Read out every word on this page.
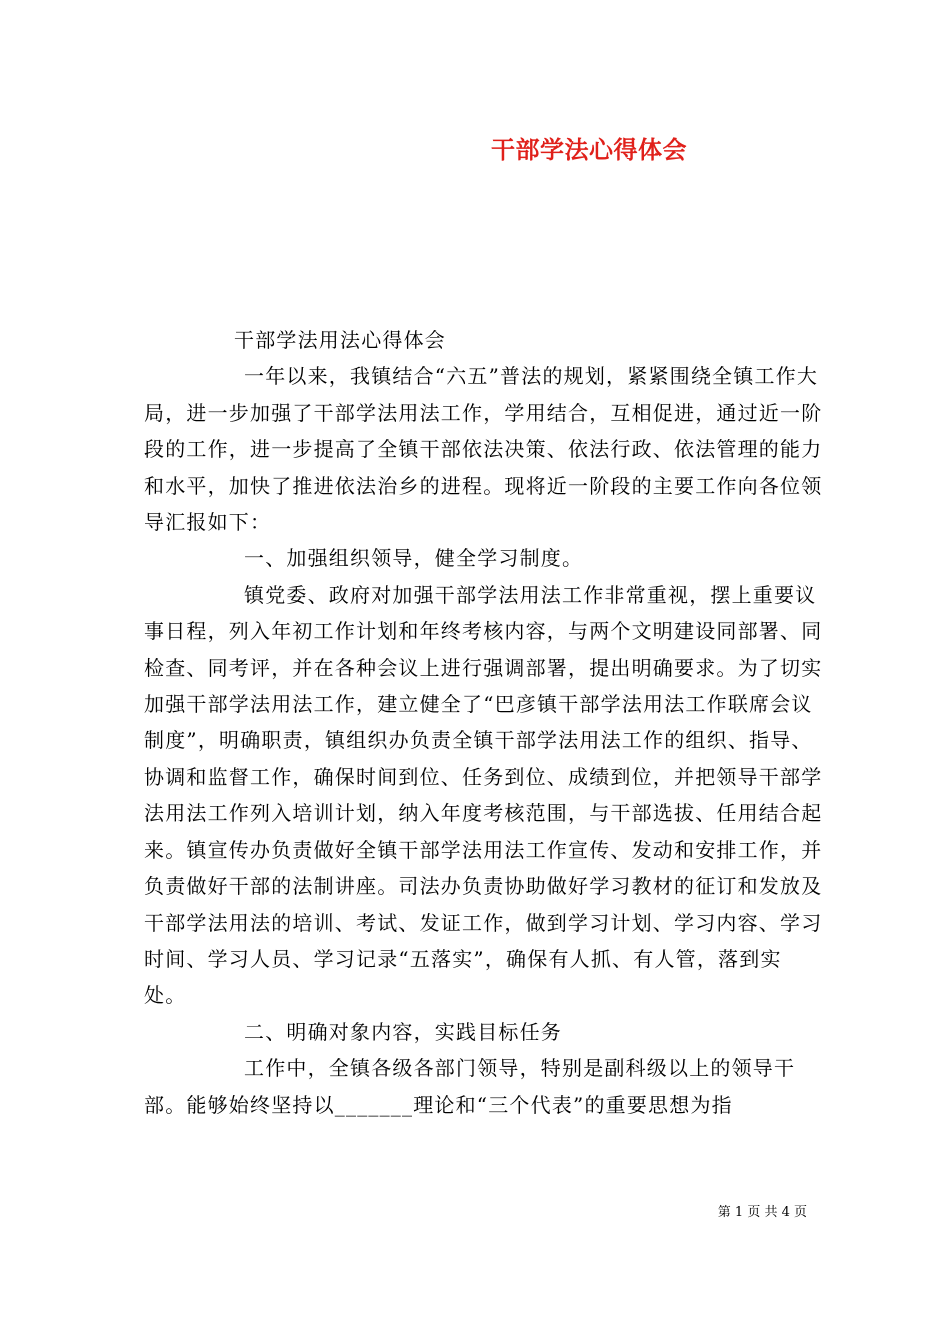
干部学法心得体会

干部学法用法心得体会

一年以来，我镇结合“六五”普法的规划，紧紧围绕全镇工作大局，进一步加强了干部学法用法工作，学用结合，互相促进，通过近一阶段的工作，进一步提高了全镇干部依法决策、依法行政、依法管理的能力和水平，加快了推进依法治乡的进程。现将近一阶段的主要工作向各位领导汇报如下：

一、加强组织领导，健全学习制度。

镇党委、政府对加强干部学法用法工作非常重视，摆上重要议事日程，列入年初工作计划和年终考核内容，与两个文明建设同部署、同检查、同考评，并在各种会议上进行强调部署，提出明确要求。为了切实加强干部学法用法工作，建立健全了“巴彦镇干部学法用法工作联席会议制度”，明确职责，镇组织办负责全镇干部学法用法工作的组织、指导、协调和监督工作，确保时间到位、任务到位、成绩到位，并把领导干部学法用法工作列入培训计划，纳入年度考核范围，与干部选拔、任用结合起来。镇宣传办负责做好全镇干部学法用法工作宣传、发动和安排工作，并负责做好干部的法制讲座。司法办负责协助做好学习教材的征订和发放及干部学法用法的培训、考试、发证工作，做到学习计划、学习内容、学习时间、学习人员、学习记录“五落实”，确保有人抓、有人管，落到实处。

二、明确对象内容，实践目标任务

工作中，全镇各级各部门领导，特别是副科级以上的领导干部。能够始终坚持以_______理论和“三个代表”的重要思想为指

第 1 页 共 4 页
